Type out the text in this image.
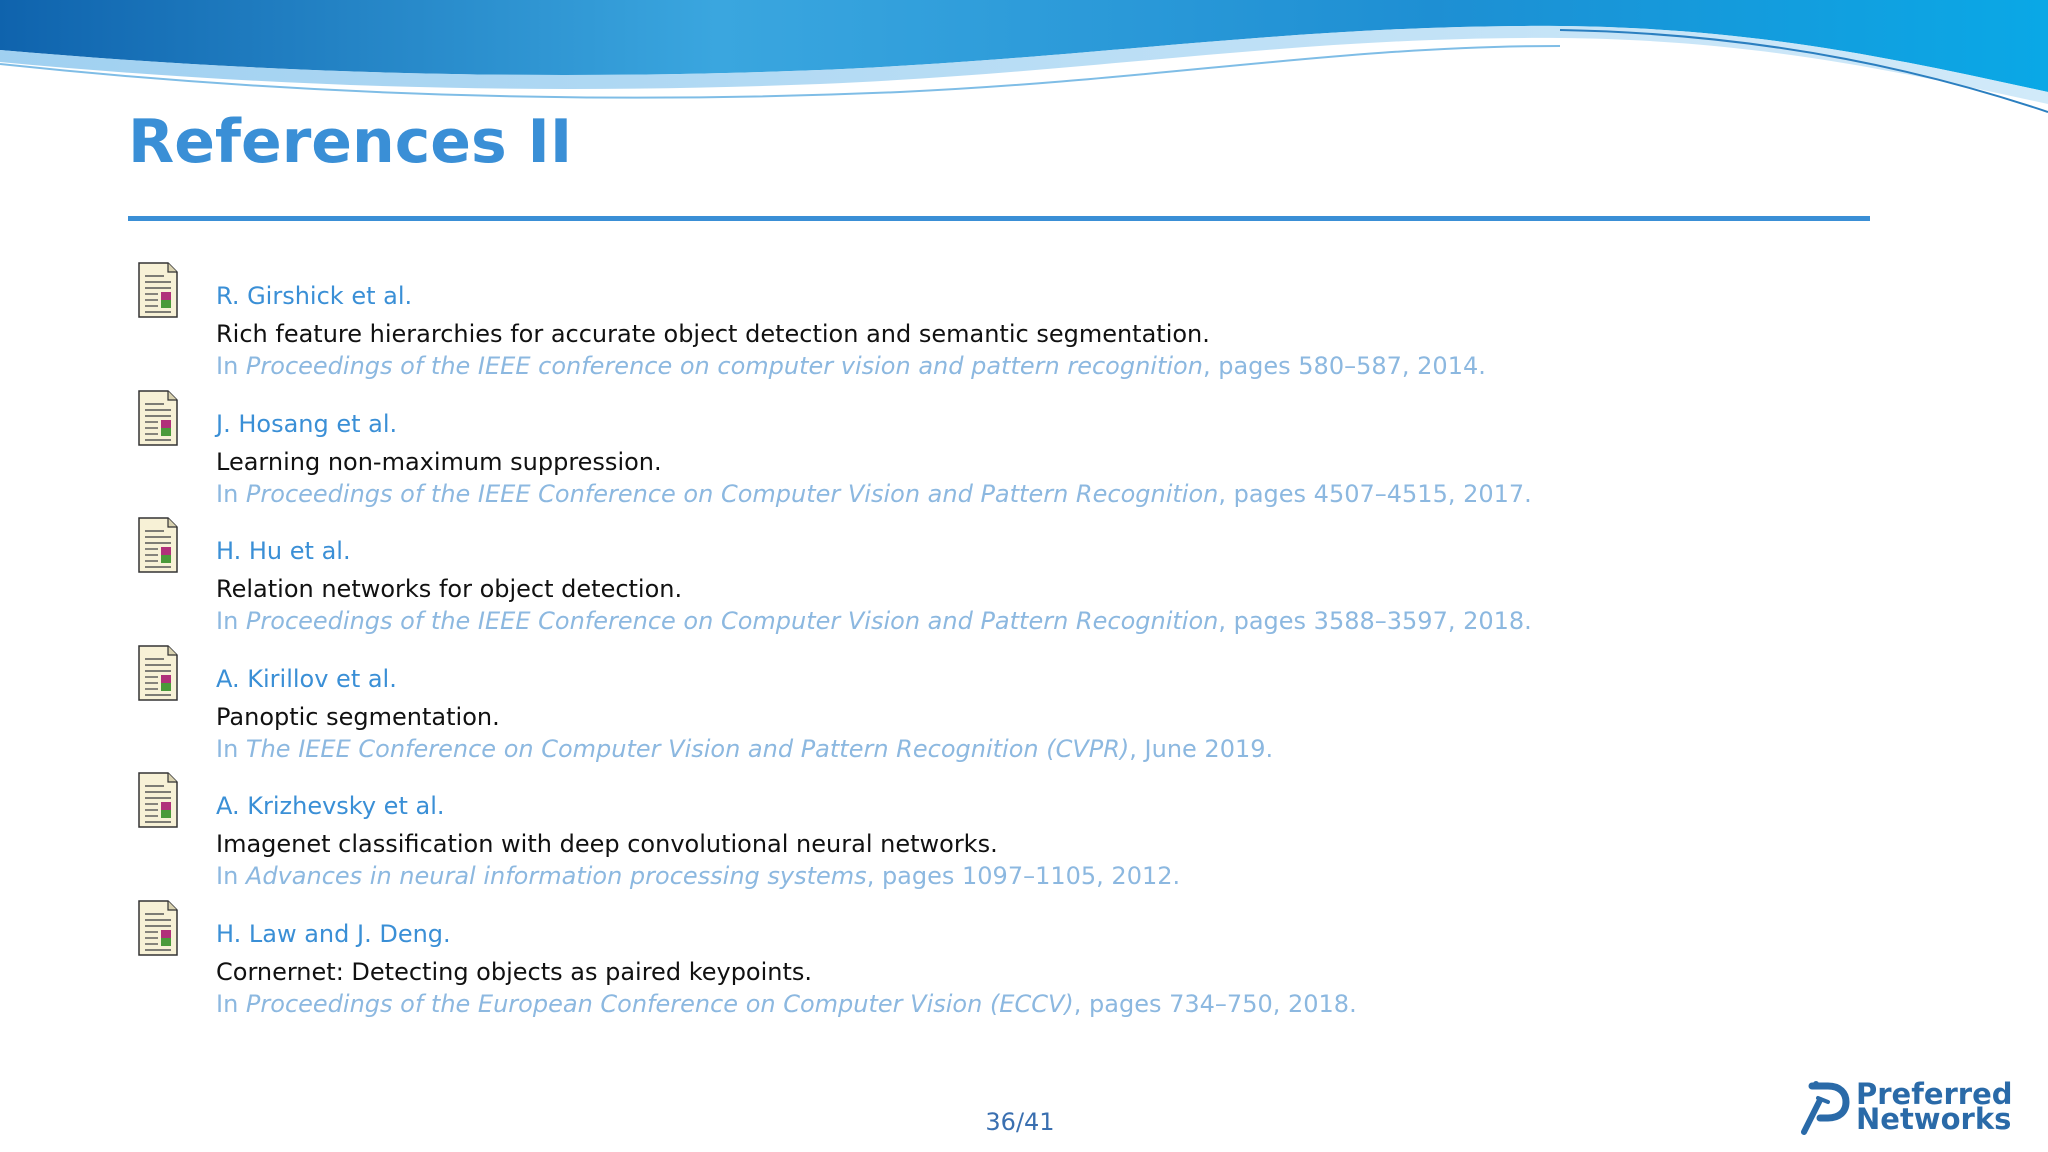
References II
R. Girshick et al.
Rich feature hierarchies for accurate object detection and semantic segmentation.
In Proceedings of the IEEE conference on computer vision and pattern recognition, pages 580–587, 2014.
J. Hosang et al.
Learning non-maximum suppression.
In Proceedings of the IEEE Conference on Computer Vision and Pattern Recognition, pages 4507–4515, 2017.
H. Hu et al.
Relation networks for object detection.
In Proceedings of the IEEE Conference on Computer Vision and Pattern Recognition, pages 3588–3597, 2018.
A. Kirillov et al.
Panoptic segmentation.
In The IEEE Conference on Computer Vision and Pattern Recognition (CVPR), June 2019.
A. Krizhevsky et al.
Imagenet classification with deep convolutional neural networks.
In Advances in neural information processing systems, pages 1097–1105, 2012.
H. Law and J. Deng.
Cornernet: Detecting objects as paired keypoints.
In Proceedings of the European Conference on Computer Vision (ECCV), pages 734–750, 2018.
36/41
Preferred
Networks
